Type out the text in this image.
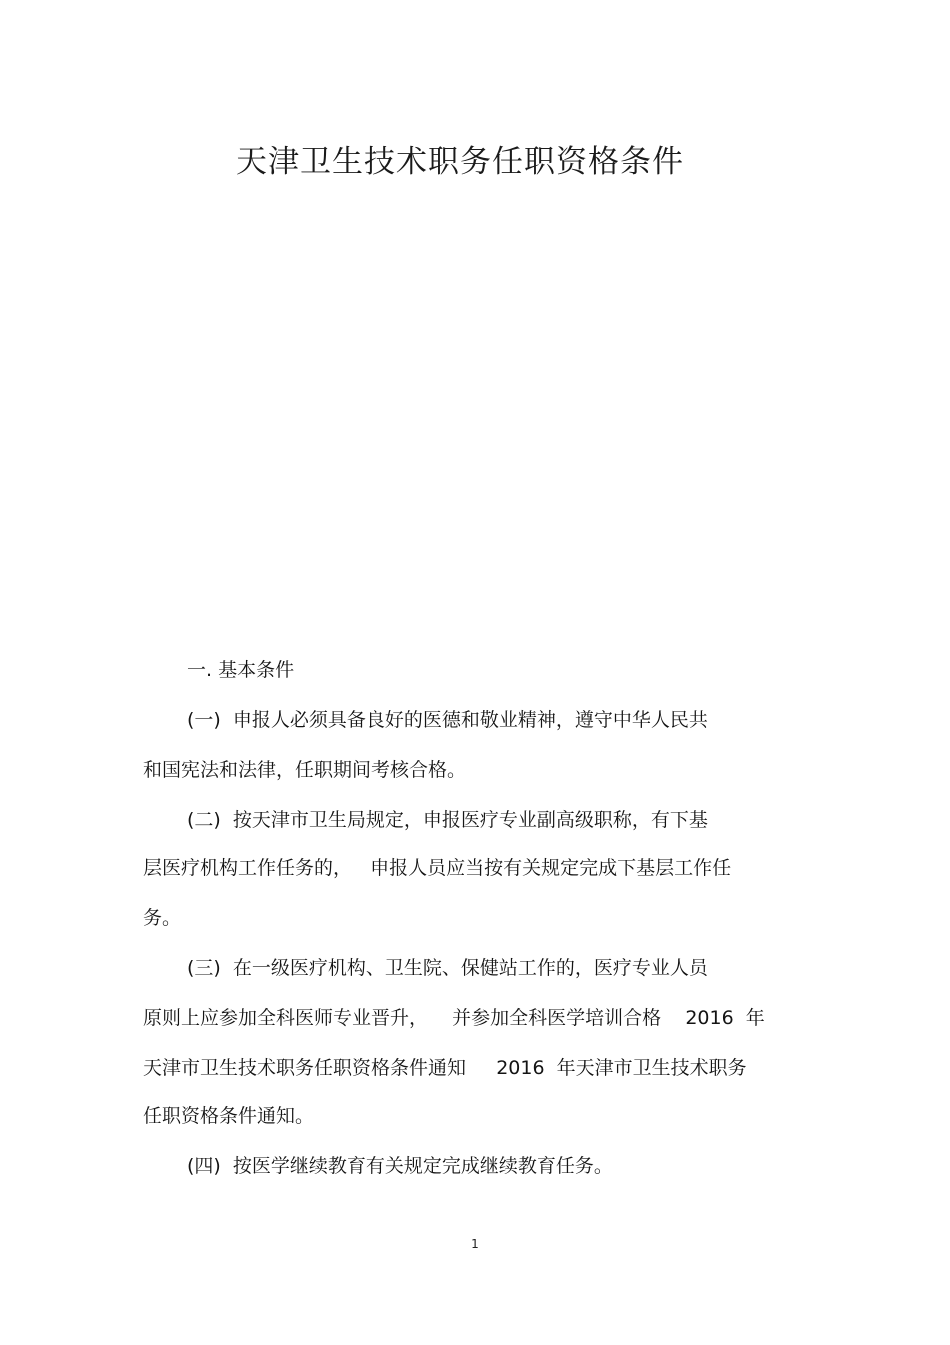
天津卫生技术职务任职资格条件
一. 基本条件
(一)  申报人必须具备良好的医德和敬业精神，遵守中华人民共
和国宪法和法律，任职期间考核合格。
(二)  按天津市卫生局规定，申报医疗专业副高级职称，有下基
层医疗机构工作任务的，   申报人员应当按有关规定完成下基层工作任
务。
(三)  在一级医疗机构、卫生院、保健站工作的，医疗专业人员
原则上应参加全科医师专业晋升，    并参加全科医学培训合格    2016  年
天津市卫生技术职务任职资格条件通知     2016  年天津市卫生技术职务
任职资格条件通知。
(四)  按医学继续教育有关规定完成继续教育任务。
1
